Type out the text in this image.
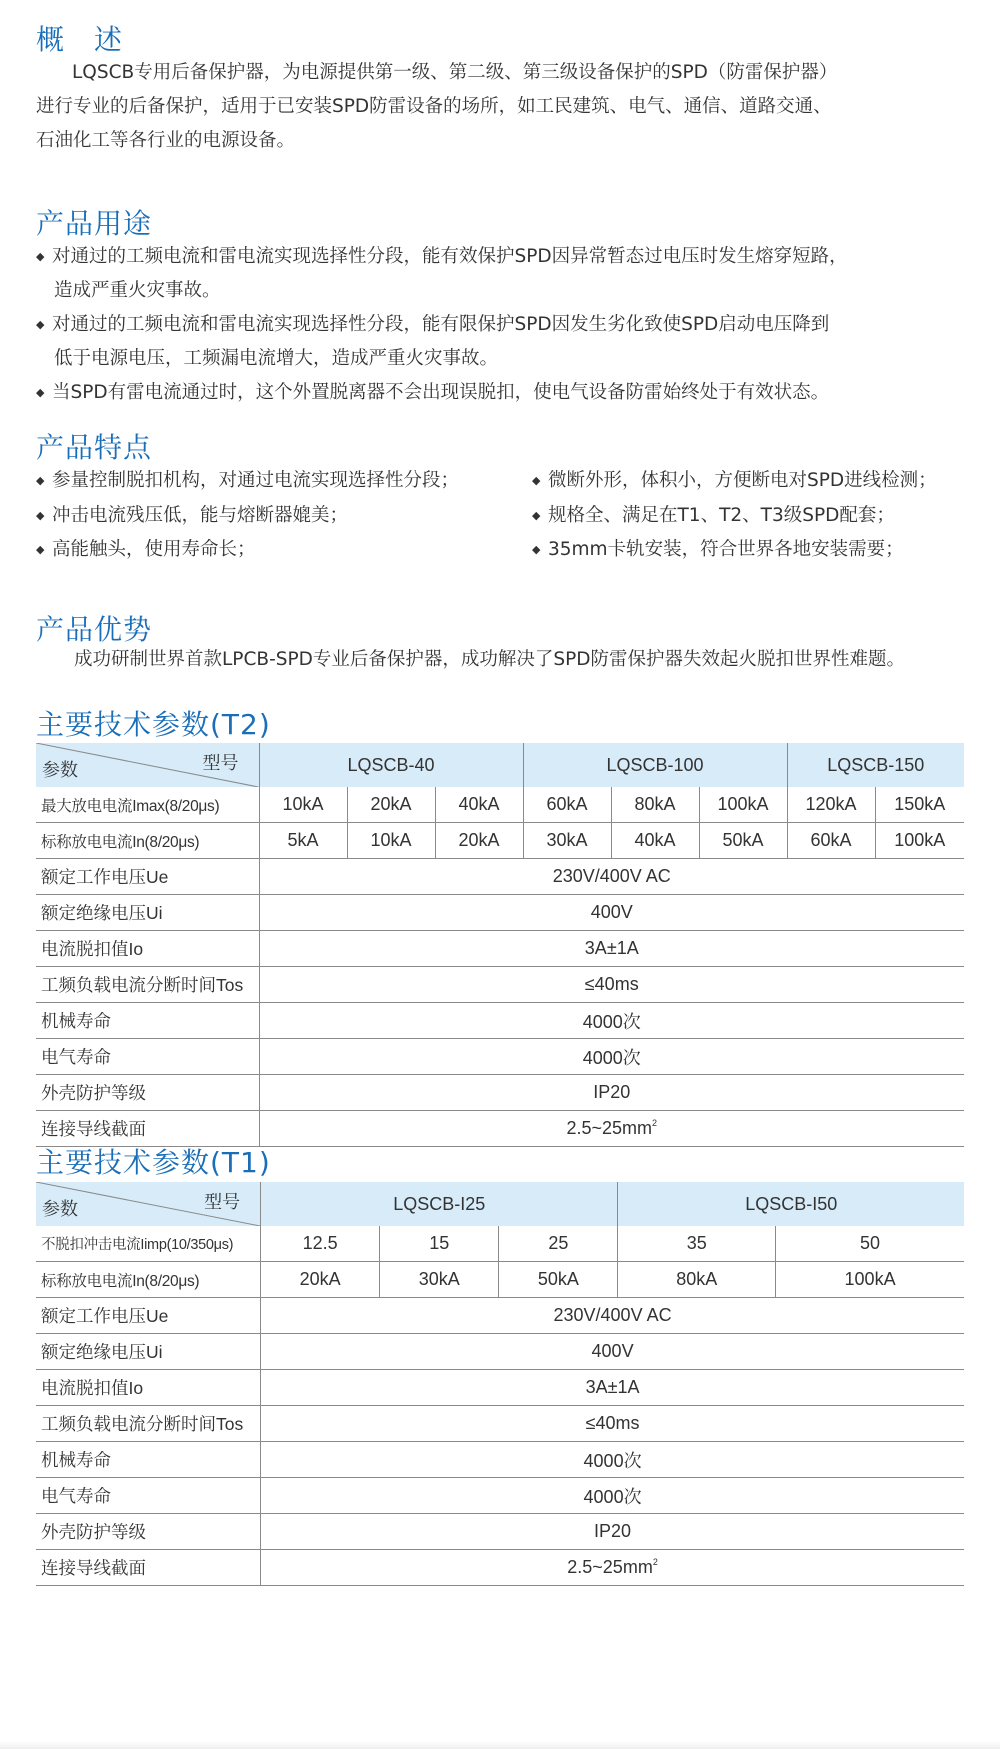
概　述

LQSCB专用后备保护器，为电源提供第一级、第二级、第三级设备保护的SPD（防雷保护器）
进行专业的后备保护，适用于已安装SPD防雷设备的场所，如工民建筑、电气、通信、道路交通、
石油化工等各行业的电源设备。

产品用途
◆ 对通过的工频电流和雷电流实现选择性分段，能有效保护SPD因异常暂态过电压时发生熔穿短路，
造成严重火灾事故。
◆ 对通过的工频电流和雷电流实现选择性分段，能有限保护SPD因发生劣化致使SPD启动电压降到
低于电源电压，工频漏电流增大，造成严重火灾事故。
◆ 当SPD有雷电流通过时，这个外置脱离器不会出现误脱扣，使电气设备防雷始终处于有效状态。
产品特点
◆ 参量控制脱扣机构，对通过电流实现选择性分段；
◆ 冲击电流残压低，能与熔断器媲美；
◆ 高能触头，使用寿命长；
◆ 微断外形，体积小，方便断电对SPD进线检测；
◆ 规格全、满足在T1、T2、T3级SPD配套；
◆ 35mm卡轨安装，符合世界各地安装需要；
产品优势

成功研制世界首款LPCB-SPD专业后备保护器，成功解决了SPD防雷保护器失效起火脱扣世界性难题。

主要技术参数(T2)
型号
参数	LQSCB-40			LQSCB-100			LQSCB-150	
最大放电电流Imax(8/20μs)	10kA	20kA	40kA	60kA	80kA	100kA	120kA	150kA
标称放电电流In(8/20μs)	5kA	10kA	20kA	30kA	40kA	50kA	60kA	100kA
额定工作电压Ue	230V/400V AC							
额定绝缘电压Ui	400V							
电流脱扣值Io	3A±1A							
工频负载电流分断时间Tos	≤40ms							
机械寿命	4000次							
电气寿命	4000次							
外壳防护等级	IP20							
连接导线截面	$2.5\sim 25mm^2$
主要技术参数(T1)
型号
参数	LQSCB-I25			LQSCB-I50	
不脱扣冲击电流Iimp(10/350μs)	12.5	15	25	35	50
标称放电电流In(8/20μs)	20kA	30kA	50kA	80kA	100kA
额定工作电压Ue	230V/400V AC				
额定绝缘电压Ui	400V				
电流脱扣值Io	3A±1A				
工频负载电流分断时间Tos	≤40ms				
机械寿命	4000次				
电气寿命	4000次				
外壳防护等级	IP20				
连接导线截面	$2.5\sim 25mm^2$
